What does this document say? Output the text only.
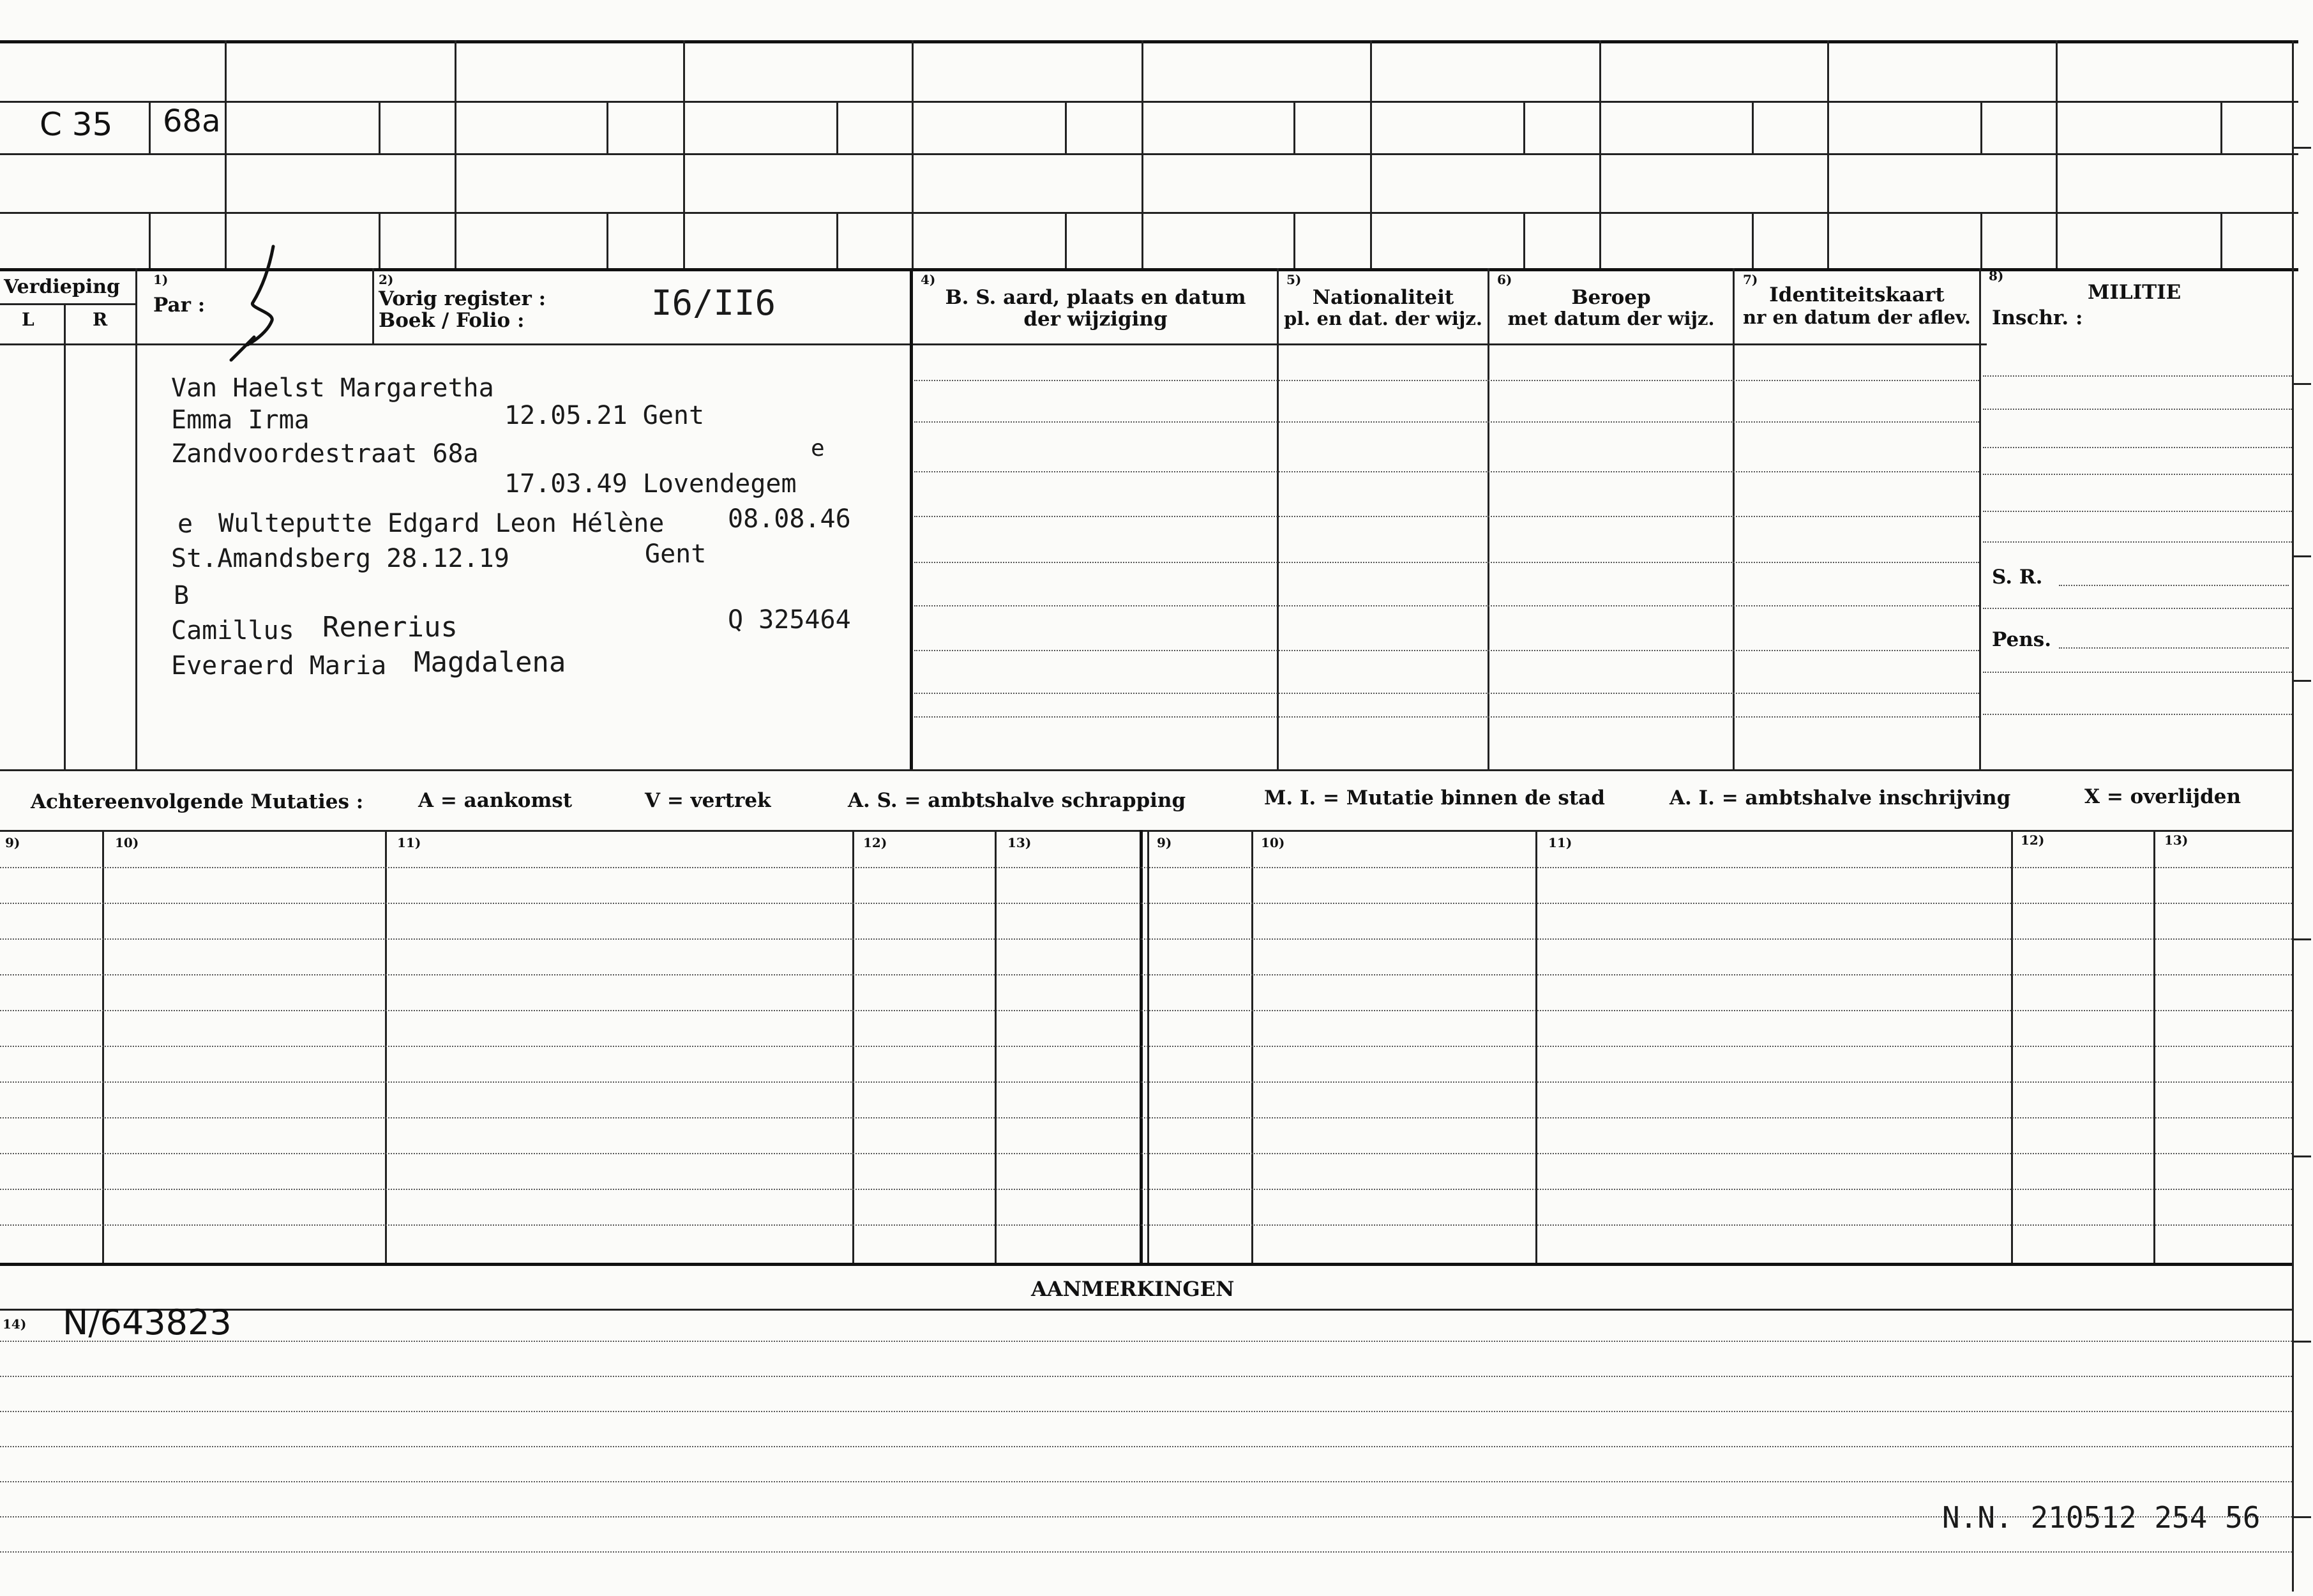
C 35 68a
Verdieping
L	R
1)
Par :
2)
Vorig register :
Boek / Folio :	I6/II6
4)
B. S. aard, plaats en datum
der wijziging
5)
Nationaliteit
pl. en dat. der wijz.
6)
Beroep
met datum der wijz.
7)
Identiteitskaart
nr en datum der aflev.
8)
MILITIE
Inschr. :
S. R.
Pens.
Van Haelst Margaretha
Emma Irma	12.05.21 Gent
Zandvoordestraat 68a	e
17.03.49 Lovendegem
e Wulteputte Edgard Leon Hélène 08.08.46
St.Amandsberg 28.12.19	Gent
B
Camillus Renerius	Q 325464
Everaerd Maria Magdalena
Achtereenvolgende Mutaties :	A = aankomst	V = vertrek	A. S. = ambtshalve schrapping	M. I. = Mutatie binnen de stad	A. I. = ambtshalve inschrijving	X = overlijden
9)	10)	11)	12)	13)	9)	10)	11)	12)	13)
AANMERKINGEN
14) N/643823
N.N. 210512 254 56
